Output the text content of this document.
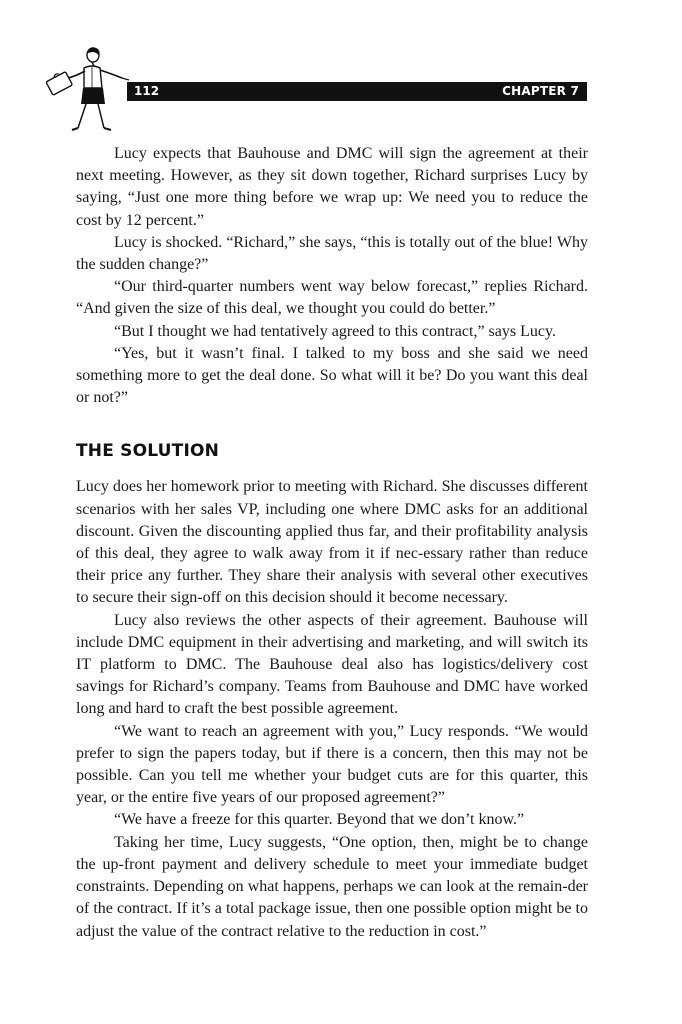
112	CHAPTER 7

Lucy expects that Bauhouse and DMC will sign the agreement at their next meeting. However, as they sit down together, Richard surprises Lucy by saying, “Just one more thing before we wrap up: We need you to reduce the cost by 12 percent.”

Lucy is shocked. “Richard,” she says, “this is totally out of the blue! Why the sudden change?”

“Our third-quarter numbers went way below forecast,” replies Richard. “And given the size of this deal, we thought you could do better.”

“But I thought we had tentatively agreed to this contract,” says Lucy.

“Yes, but it wasn’t final. I talked to my boss and she said we need something more to get the deal done. So what will it be? Do you want this deal or not?”

THE SOLUTION

Lucy does her homework prior to meeting with Richard. She discusses different scenarios with her sales VP, including one where DMC asks for an additional discount. Given the discounting applied thus far, and their profitability analysis of this deal, they agree to walk away from it if nec-essary rather than reduce their price any further. They share their analysis with several other executives to secure their sign-off on this decision should it become necessary.

Lucy also reviews the other aspects of their agreement. Bauhouse will include DMC equipment in their advertising and marketing, and will switch its IT platform to DMC. The Bauhouse deal also has logistics/delivery cost savings for Richard’s company. Teams from Bauhouse and DMC have worked long and hard to craft the best possible agreement.

“We want to reach an agreement with you,” Lucy responds. “We would prefer to sign the papers today, but if there is a concern, then this may not be possible. Can you tell me whether your budget cuts are for this quarter, this year, or the entire five years of our proposed agreement?”

“We have a freeze for this quarter. Beyond that we don’t know.”

Taking her time, Lucy suggests, “One option, then, might be to change the up-front payment and delivery schedule to meet your immediate budget constraints. Depending on what happens, perhaps we can look at the remain-der of the contract. If it’s a total package issue, then one possible option might be to adjust the value of the contract relative to the reduction in cost.”
